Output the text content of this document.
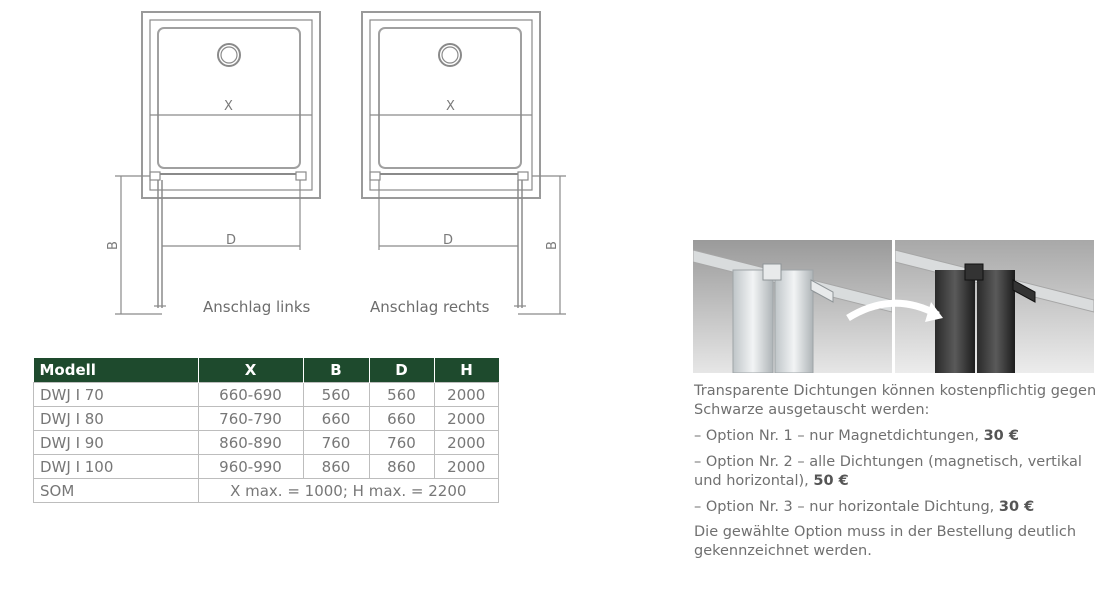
X
D
B
X
D	B
Anschlag links	Anschlag rechts
Modell	X	B	D	H
DWJ I 70	660-690	560	560	2000
DWJ I 80	760-790	660	660	2000
DWJ I 90	860-890	760	760	2000
DWJ I 100	960-990	860	860	2000
SOM	X max. = 1000; H max. = 2200			
Transparente Dichtungen können kostenpflichtig gegen Schwarze ausgetauscht werden:
– Option Nr. 1 – nur Magnetdichtungen, 30 €
– Option Nr. 2 – alle Dichtungen (magnetisch, vertikal und horizontal), 50 €
– Option Nr. 3 – nur horizontale Dichtung, 30 €
Die gewählte Option muss in der Bestellung deutlich gekennzeichnet werden.
